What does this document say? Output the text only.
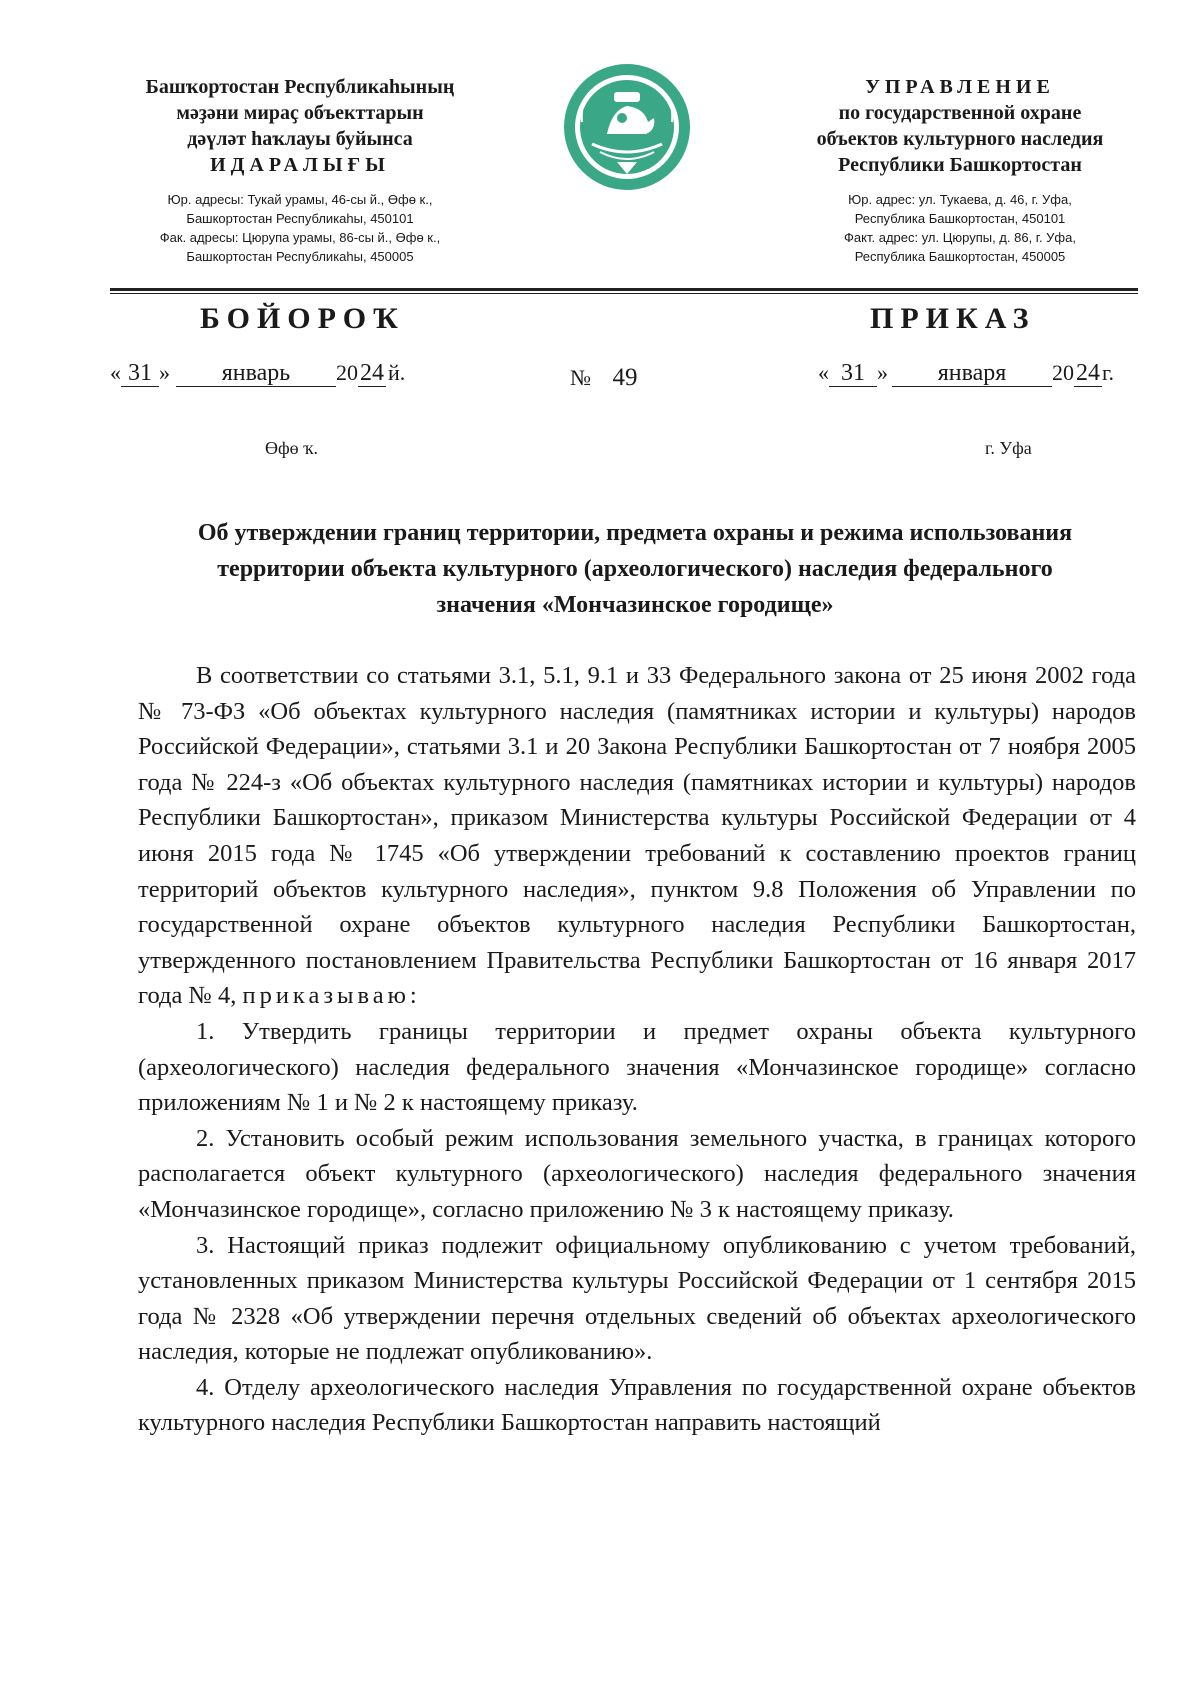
Башҡортостан Республикаһының
мәҙәни мираҫ объекттарын
дәүләт һаҡлауы буйынса
ИДАРАЛЫҒЫ
Юр. адресы: Тукай урамы, 46-сы й., Өфө к.,
Башкортостан Республикаһы, 450101
Фак. адресы: Цюрупа урамы, 86-сы й., Өфө к.,
Башкортостан Республикаһы, 450005
УПРАВЛЕНИЕ
по государственной охране
объектов культурного наследия
Республики Башкортостан
Юр. адрес: ул. Тукаева, д. 46, г. Уфа,
Республика Башкортостан, 450101
Факт. адрес: ул. Цюрупы, д. 86, г. Уфа,
Республика Башкортостан, 450005
БОЙОРОҠ	ПРИКАЗ
« 31 » январь 2024 й.	№ 49	« 31 » января 2024г.
Өфө ҡ.	г. Уфа
Об утверждении границ территории, предмета охраны и режима использования
территории объекта культурного (археологического) наследия федерального
значения «Мончазинское городище»

В соответствии со статьями 3.1, 5.1, 9.1 и 33 Федерального закона от 25 июня 2002 года № 73-ФЗ «Об объектах культурного наследия (памятниках истории и культуры) народов Российской Федерации», статьями 3.1 и 20 Закона Республики Башкортостан от 7 ноября 2005 года № 224-з «Об объектах культурного наследия (памятниках истории и культуры) народов Республики Башкортостан», приказом Министерства культуры Российской Федерации от 4 июня 2015 года № 1745 «Об утверждении требований к составлению проектов границ территорий объектов культурного наследия», пунктом 9.8 Положения об Управлении по государственной охране объектов культурного наследия Республики Башкортостан, утвержденного постановлением Правительства Республики Башкортостан от 16 января 2017 года № 4, приказываю:

1. Утвердить границы территории и предмет охраны объекта культурного (археологического) наследия федерального значения «Мончазинское городище» согласно приложениям № 1 и № 2 к настоящему приказу.

2. Установить особый режим использования земельного участка, в границах которого располагается объект культурного (археологического) наследия федерального значения «Мончазинское городище», согласно приложению № 3 к настоящему приказу.

3. Настоящий приказ подлежит официальному опубликованию с учетом требований, установленных приказом Министерства культуры Российской Федерации от 1 сентября 2015 года № 2328 «Об утверждении перечня отдельных сведений об объектах археологического наследия, которые не подлежат опубликованию».

4. Отделу археологического наследия Управления по государственной охране объектов культурного наследия Республики Башкортостан направить настоящий
